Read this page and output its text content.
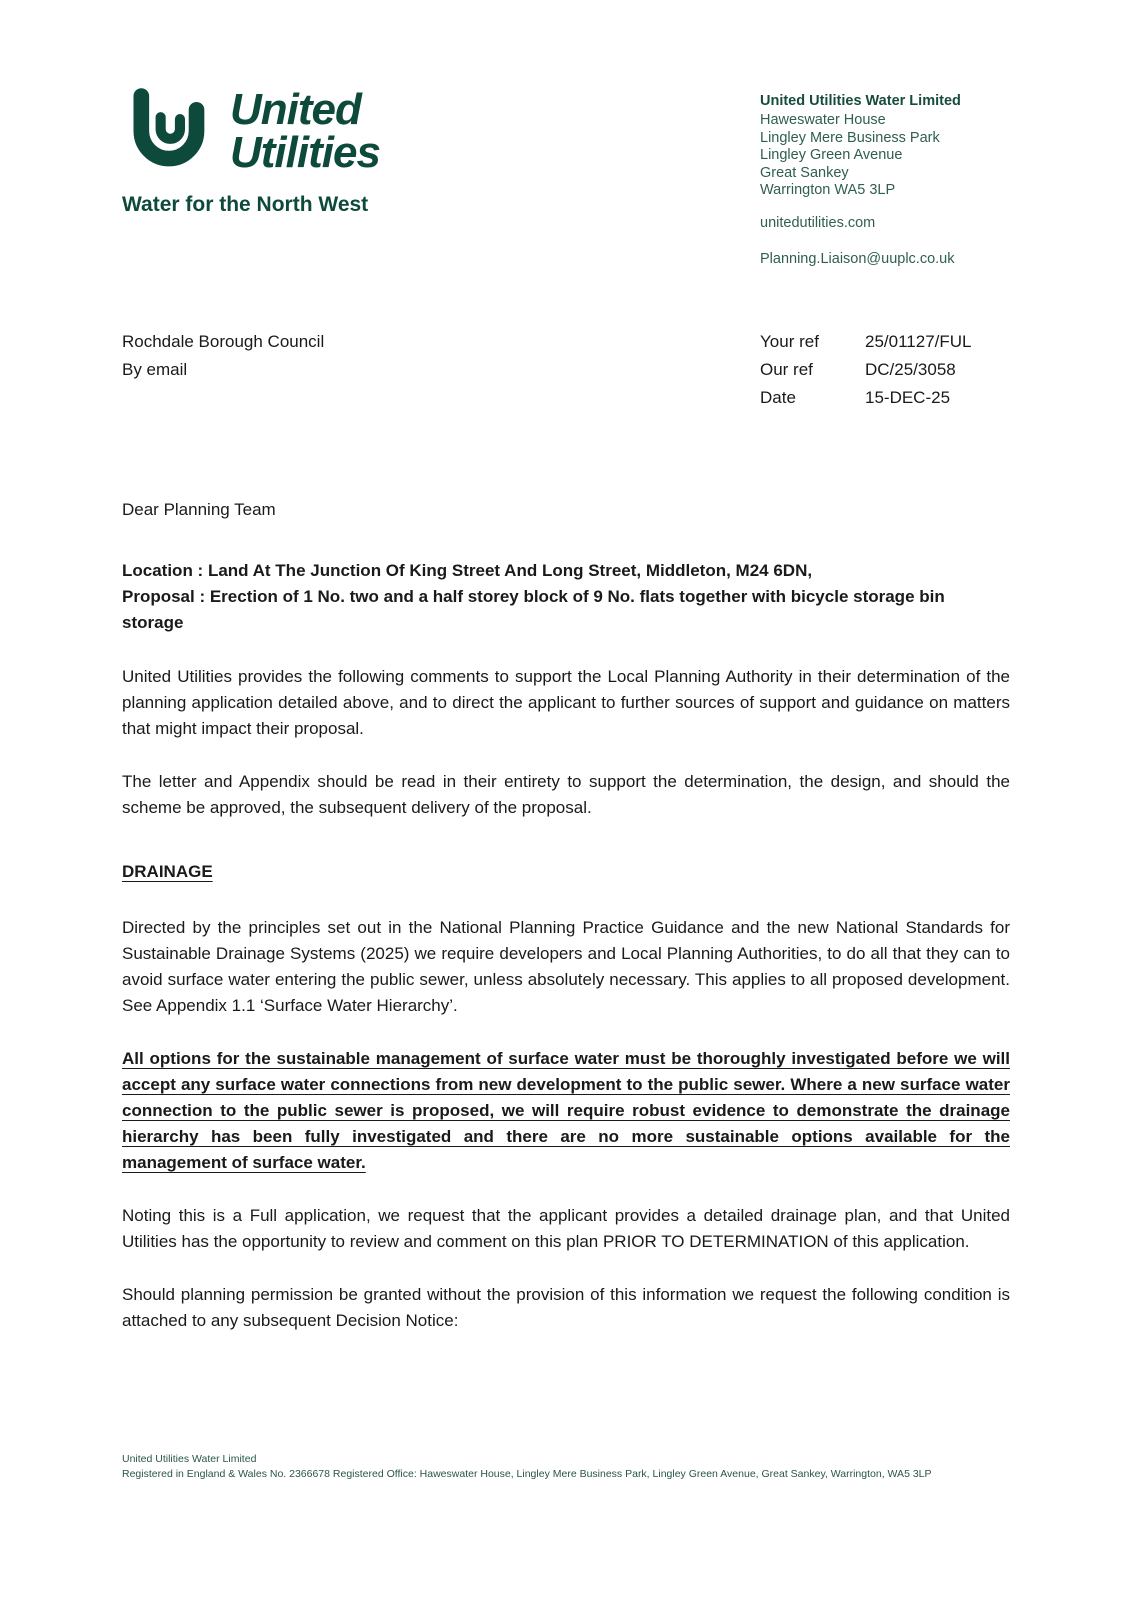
United
Utilities
Water for the North West
United Utilities Water Limited
Haweswater House
Lingley Mere Business Park
Lingley Green Avenue
Great Sankey
Warrington WA5 3LP
unitedutilities.com
Planning.Liaison@uuplc.co.uk
Rochdale Borough Council
By email
Your ref	25/01127/FUL
Our ref	DC/25/3058
Date	15-DEC-25

Dear Planning Team

Location : Land At The Junction Of King Street And Long Street, Middleton, M24 6DN,
Proposal : Erection of 1 No. two and a half storey block of 9 No. flats together with bicycle storage bin storage

United Utilities provides the following comments to support the Local Planning Authority in their determination of the planning application detailed above, and to direct the applicant to further sources of support and guidance on matters that might impact their proposal.

The letter and Appendix should be read in their entirety to support the determination, the design, and should the scheme be approved, the subsequent delivery of the proposal.

DRAINAGE

Directed by the principles set out in the National Planning Practice Guidance and the new National Standards for Sustainable Drainage Systems (2025) we require developers and Local Planning Authorities, to do all that they can to avoid surface water entering the public sewer, unless absolutely necessary. This applies to all proposed development. See Appendix 1.1 ‘Surface Water Hierarchy’.

All options for the sustainable management of surface water must be thoroughly investigated before we will accept any surface water connections from new development to the public sewer. Where a new surface water connection to the public sewer is proposed, we will require robust evidence to demonstrate the drainage hierarchy has been fully investigated and there are no more sustainable options available for the management of surface water.

Noting this is a Full application, we request that the applicant provides a detailed drainage plan, and that United Utilities has the opportunity to review and comment on this plan PRIOR TO DETERMINATION of this application.

Should planning permission be granted without the provision of this information we request the following condition is attached to any subsequent Decision Notice:

United Utilities Water Limited
Registered in England & Wales No. 2366678 Registered Office: Haweswater House, Lingley Mere Business Park, Lingley Green Avenue, Great Sankey, Warrington, WA5 3LP
